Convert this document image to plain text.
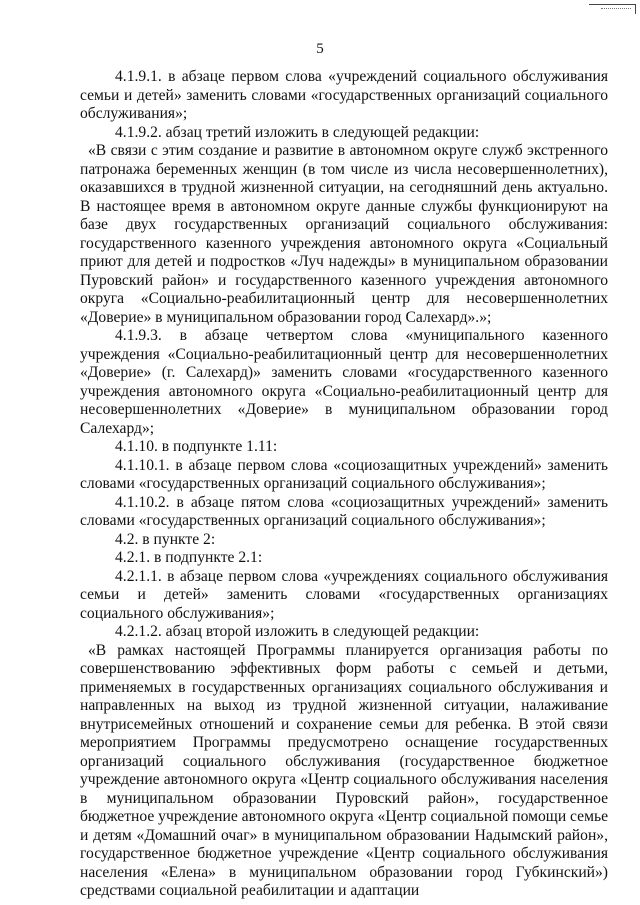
5

4.1.9.1. в абзаце первом слова «учреждений социального обслуживания семьи и детей» заменить словами «государственных организаций социального обслуживания»;

4.1.9.2. абзац третий изложить в следующей редакции:

«В связи с этим создание и развитие в автономном округе служб экстренного патронажа беременных женщин (в том числе из числа несовершеннолетних), оказавшихся в трудной жизненной ситуации, на сегодняшний день актуально. В настоящее время в автономном округе данные службы функционируют на базе двух государственных организаций социального обслуживания: государственного казенного учреждения автономного округа «Социальный приют для детей и подростков «Луч надежды» в муниципальном образовании Пуровский район» и государственного казенного учреждения автономного округа «Социально-реабилитационный центр для несовершеннолетних «Доверие» в муниципальном образовании город Салехард».»;

4.1.9.3. в абзаце четвертом слова «муниципального казенного учреждения «Социально-реабилитационный центр для несовершеннолетних «Доверие» (г. Салехард)» заменить словами «государственного казенного учреждения автономного округа «Социально-реабилитационный центр для несовершеннолетних «Доверие» в муниципальном образовании город Салехард»;

4.1.10. в подпункте 1.11:

4.1.10.1. в абзаце первом слова «социозащитных учреждений» заменить словами «государственных организаций социального обслуживания»;

4.1.10.2. в абзаце пятом слова «социозащитных учреждений» заменить словами «государственных организаций социального обслуживания»;

4.2. в пункте 2:

4.2.1. в подпункте 2.1:

4.2.1.1. в абзаце первом слова «учреждениях социального обслуживания семьи и детей» заменить словами «государственных организациях социального обслуживания»;

4.2.1.2. абзац второй изложить в следующей редакции:

«В рамках настоящей Программы планируется организация работы по совершенствованию эффективных форм работы с семьей и детьми, применяемых в государственных организациях социального обслуживания и направленных на выход из трудной жизненной ситуации, налаживание внутрисемейных отношений и сохранение семьи для ребенка. В этой связи мероприятием Программы предусмотрено оснащение государственных организаций социального обслуживания (государственное бюджетное учреждение автономного округа «Центр социального обслуживания населения в муниципальном образовании Пуровский район», государственное бюджетное учреждение автономного округа «Центр социальной помощи семье и детям «Домашний очаг» в муниципальном образовании Надымский район», государственное бюджетное учреждение «Центр социального обслуживания населения «Елена» в муниципальном образовании город Губкинский») средствами социальной реабилитации и адаптации
